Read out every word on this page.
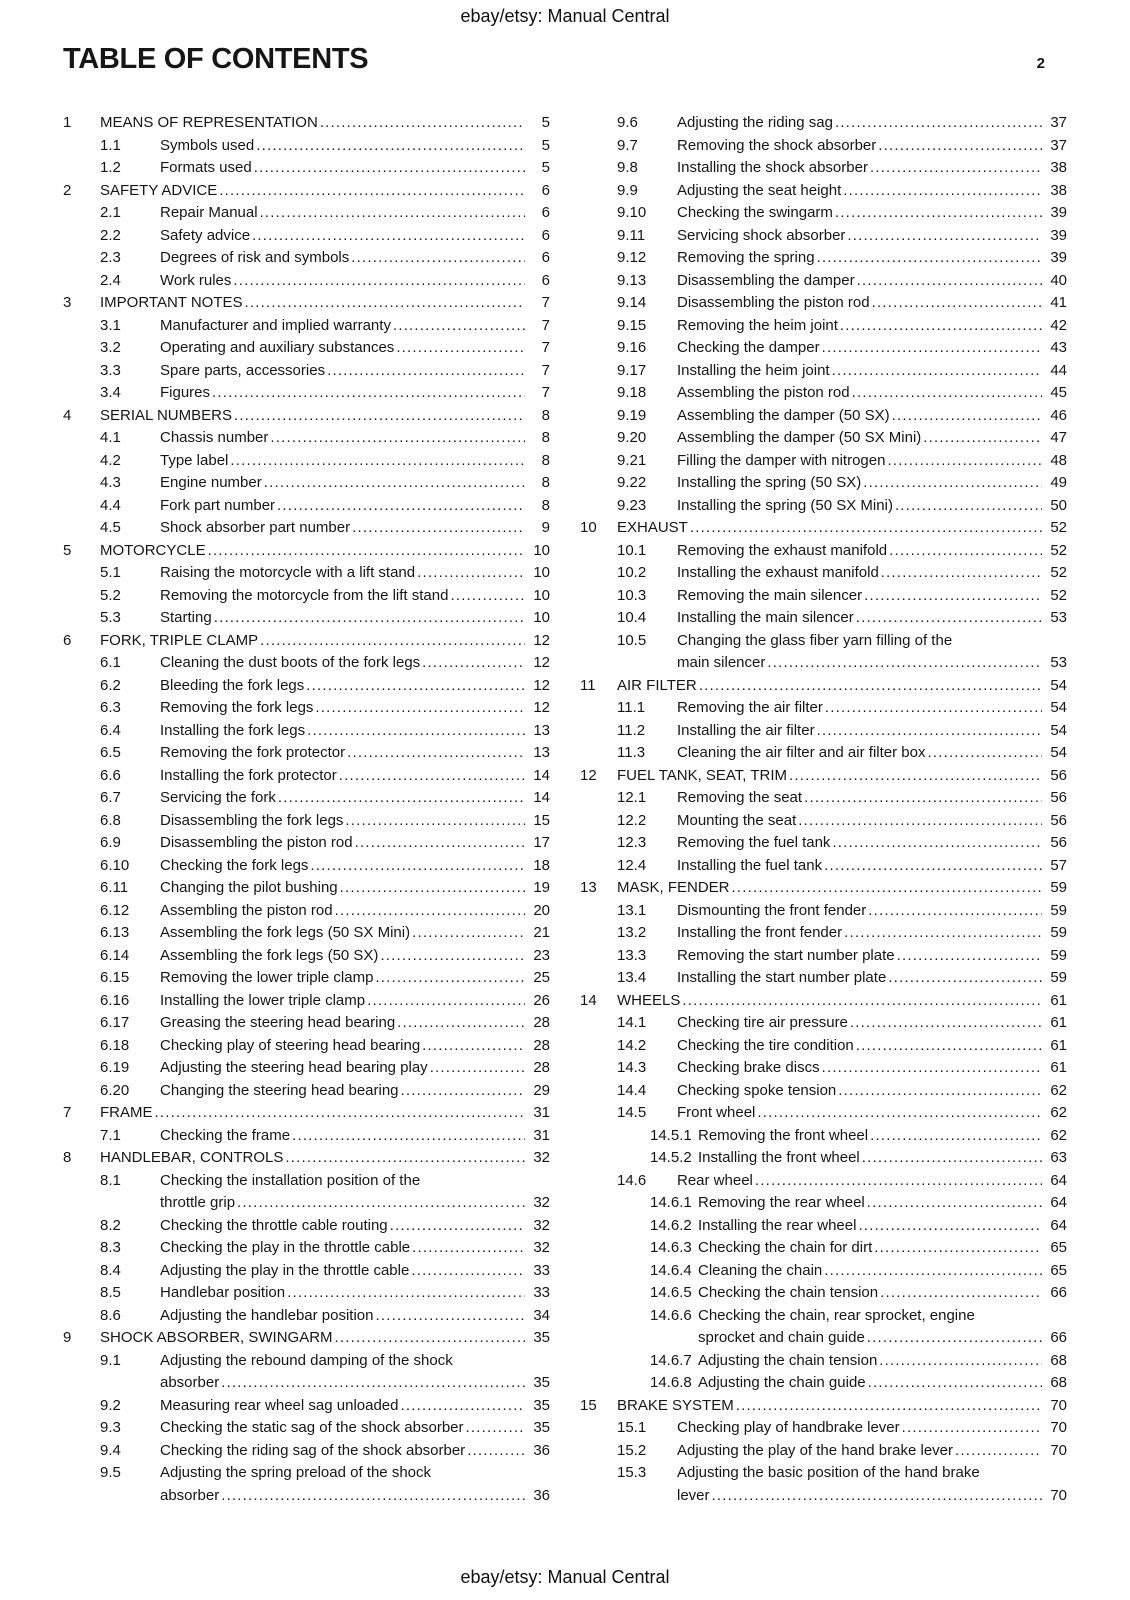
ebay/etsy: Manual Central
TABLE OF CONTENTS	2
1	MEANS OF REPRESENTATION .....	5
1.1	Symbols used .....	5
1.2	Formats used .....	5
2	SAFETY ADVICE .....	6
2.1	Repair Manual .....	6
2.2	Safety advice .....	6
2.3	Degrees of risk and symbols .....	6
2.4	Work rules .....	6
3	IMPORTANT NOTES .....	7
3.1	Manufacturer and implied warranty .....	7
3.2	Operating and auxiliary substances .....	7
3.3	Spare parts, accessories .....	7
3.4	Figures .....	7
4	SERIAL NUMBERS .....	8
4.1	Chassis number .....	8
4.2	Type label .....	8
4.3	Engine number .....	8
4.4	Fork part number .....	8
4.5	Shock absorber part number .....	9
5	MOTORCYCLE .....	10
5.1	Raising the motorcycle with a lift stand .....	10
5.2	Removing the motorcycle from the lift stand .....	10
5.3	Starting .....	10
6	FORK, TRIPLE CLAMP .....	12
6.1	Cleaning the dust boots of the fork legs .....	12
6.2	Bleeding the fork legs .....	12
6.3	Removing the fork legs .....	12
6.4	Installing the fork legs .....	13
6.5	Removing the fork protector .....	13
6.6	Installing the fork protector .....	14
6.7	Servicing the fork .....	14
6.8	Disassembling the fork legs .....	15
6.9	Disassembling the piston rod .....	17
6.10	Checking the fork legs .....	18
6.11	Changing the pilot bushing .....	19
6.12	Assembling the piston rod .....	20
6.13	Assembling the fork legs (50 SX Mini) .....	21
6.14	Assembling the fork legs (50 SX) .....	23
6.15	Removing the lower triple clamp .....	25
6.16	Installing the lower triple clamp .....	26
6.17	Greasing the steering head bearing .....	28
6.18	Checking play of steering head bearing .....	28
6.19	Adjusting the steering head bearing play .....	28
6.20	Changing the steering head bearing .....	29
7	FRAME .....	31
7.1	Checking the frame .....	31
8	HANDLEBAR, CONTROLS .....	32
8.1	Checking the installation position of the
throttle grip .....	32
8.2	Checking the throttle cable routing .....	32
8.3	Checking the play in the throttle cable .....	32
8.4	Adjusting the play in the throttle cable .....	33
8.5	Handlebar position .....	33
8.6	Adjusting the handlebar position .....	34
9	SHOCK ABSORBER, SWINGARM .....	35
9.1	Adjusting the rebound damping of the shock
absorber .....	35
9.2	Measuring rear wheel sag unloaded .....	35
9.3	Checking the static sag of the shock absorber .....	35
9.4	Checking the riding sag of the shock absorber .....	36
9.5	Adjusting the spring preload of the shock
absorber .....	36
9.6	Adjusting the riding sag .....	37
9.7	Removing the shock absorber .....	37
9.8	Installing the shock absorber .....	38
9.9	Adjusting the seat height .....	38
9.10	Checking the swingarm .....	39
9.11	Servicing shock absorber .....	39
9.12	Removing the spring .....	39
9.13	Disassembling the damper .....	40
9.14	Disassembling the piston rod .....	41
9.15	Removing the heim joint .....	42
9.16	Checking the damper .....	43
9.17	Installing the heim joint .....	44
9.18	Assembling the piston rod .....	45
9.19	Assembling the damper (50 SX) .....	46
9.20	Assembling the damper (50 SX Mini) .....	47
9.21	Filling the damper with nitrogen .....	48
9.22	Installing the spring (50 SX) .....	49
9.23	Installing the spring (50 SX Mini) .....	50
10	EXHAUST .....	52
10.1	Removing the exhaust manifold .....	52
10.2	Installing the exhaust manifold .....	52
10.3	Removing the main silencer .....	52
10.4	Installing the main silencer .....	53
10.5	Changing the glass fiber yarn filling of the
main silencer .....	53
11	AIR FILTER .....	54
11.1	Removing the air filter .....	54
11.2	Installing the air filter .....	54
11.3	Cleaning the air filter and air filter box .....	54
12	FUEL TANK, SEAT, TRIM .....	56
12.1	Removing the seat .....	56
12.2	Mounting the seat .....	56
12.3	Removing the fuel tank .....	56
12.4	Installing the fuel tank .....	57
13	MASK, FENDER .....	59
13.1	Dismounting the front fender .....	59
13.2	Installing the front fender .....	59
13.3	Removing the start number plate .....	59
13.4	Installing the start number plate .....	59
14	WHEELS .....	61
14.1	Checking tire air pressure .....	61
14.2	Checking the tire condition .....	61
14.3	Checking brake discs .....	61
14.4	Checking spoke tension .....	62
14.5	Front wheel .....	62
14.5.1 Removing the front wheel .....	62
14.5.2 Installing the front wheel .....	63
14.6	Rear wheel .....	64
14.6.1 Removing the rear wheel .....	64
14.6.2 Installing the rear wheel .....	64
14.6.3 Checking the chain for dirt .....	65
14.6.4 Cleaning the chain .....	65
14.6.5 Checking the chain tension .....	66
14.6.6 Checking the chain, rear sprocket, engine
sprocket and chain guide .....	66
14.6.7 Adjusting the chain tension .....	68
14.6.8 Adjusting the chain guide .....	68
15	BRAKE SYSTEM .....	70
15.1	Checking play of handbrake lever .....	70
15.2	Adjusting the play of the hand brake lever .....	70
15.3	Adjusting the basic position of the hand brake
lever .....	70
ebay/etsy: Manual Central
